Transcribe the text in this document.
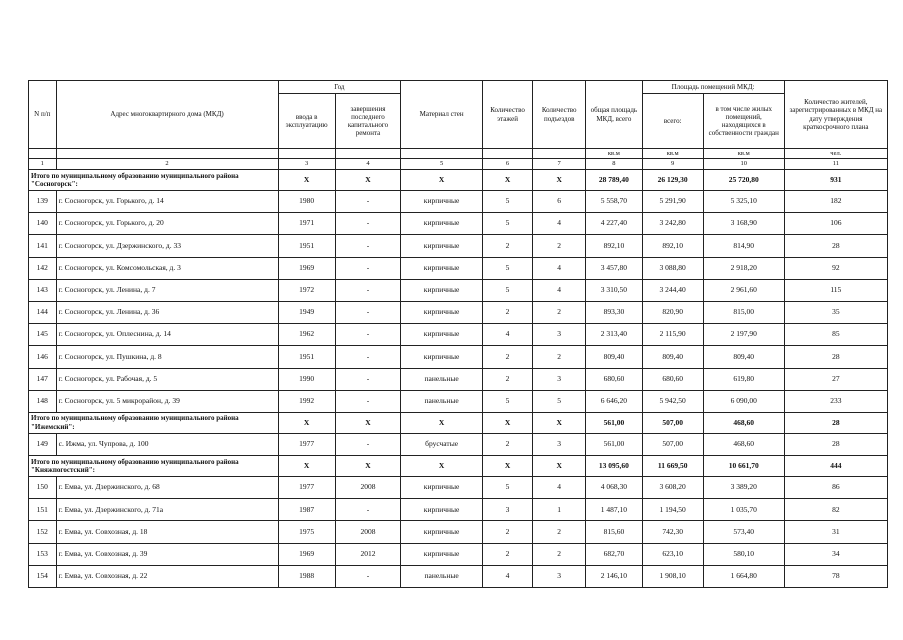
N п/п	Адрес многоквартирного дома (МКД)	Год		Материал стен	Количество этажей	Количество подъездов	общая площадь МКД, всего	Площадь помещений МКД:		Количество жителей, зарегистрированных в МКД на дату утверждения краткосрочного плана
		ввода в эксплуатацию	завершения последнего капитального ремонта					всего:	в том числе жилых помещений, находящихся в собственности граждан	
							кв.м	кв.м	кв.м	чел.
1	2	3	4	5	6	7	8	9	10	11
Итого по муниципальному образованию муниципального района "Сосногорск":		Х	Х	Х	Х	Х	28 789,40	26 129,30	25 720,80	931
139	г. Сосногорск, ул. Горького, д. 14	1980	-	кирпичные	5	6	5 558,70	5 291,90	5 325,10	182
140	г. Сосногорск, ул. Горького, д. 20	1971	-	кирпичные	5	4	4 227,40	3 242,80	3 168,90	106
141	г. Сосногорск, ул. Дзержинского, д. 33	1951	-	кирпичные	2	2	892,10	892,10	814,90	28
142	г. Сосногорск, ул. Комсомольская, д. 3	1969	-	кирпичные	5	4	3 457,80	3 088,80	2 918,20	92
143	г. Сосногорск, ул. Ленина, д. 7	1972	-	кирпичные	5	4	3 310,50	3 244,40	2 961,60	115
144	г. Сосногорск, ул. Ленина, д. 36	1949	-	кирпичные	2	2	893,30	820,90	815,00	35
145	г. Сосногорск, ул. Оплеснина, д. 14	1962	-	кирпичные	4	3	2 313,40	2 115,90	2 197,90	85
146	г. Сосногорск, ул. Пушкина, д. 8	1951	-	кирпичные	2	2	809,40	809,40	809,40	28
147	г. Сосногорск, ул. Рабочая, д. 5	1990	-	панельные	2	3	680,60	680,60	619,80	27
148	г. Сосногорск, ул. 5 микрорайон, д. 39	1992	-	панельные	5	5	6 646,20	5 942,50	6 090,00	233
Итого по муниципальному образованию муниципального района "Ижемский":		Х	Х	Х	Х	Х	561,00	507,00	468,60	28
149	с. Ижма, ул. Чупрова, д. 100	1977	-	брусчатые	2	3	561,00	507,00	468,60	28
Итого по муниципальному образованию муниципального района "Княжпогостский":		Х	Х	Х	Х	Х	13 095,60	11 669,50	10 661,70	444
150	г. Емва, ул. Дзержинского, д. 68	1977	2008	кирпичные	5	4	4 068,30	3 608,20	3 389,20	86
151	г. Емва, ул. Дзержинского, д. 71а	1987	-	кирпичные	3	1	1 487,10	1 194,50	1 035,70	82
152	г. Емва, ул. Совхозная, д. 18	1975	2008	кирпичные	2	2	815,60	742,30	573,40	31
153	г. Емва, ул. Совхозная, д. 39	1969	2012	кирпичные	2	2	682,70	623,10	580,10	34
154	г. Емва, ул. Совхозная, д. 22	1988	-	панельные	4	3	2 146,10	1 908,10	1 664,80	78
